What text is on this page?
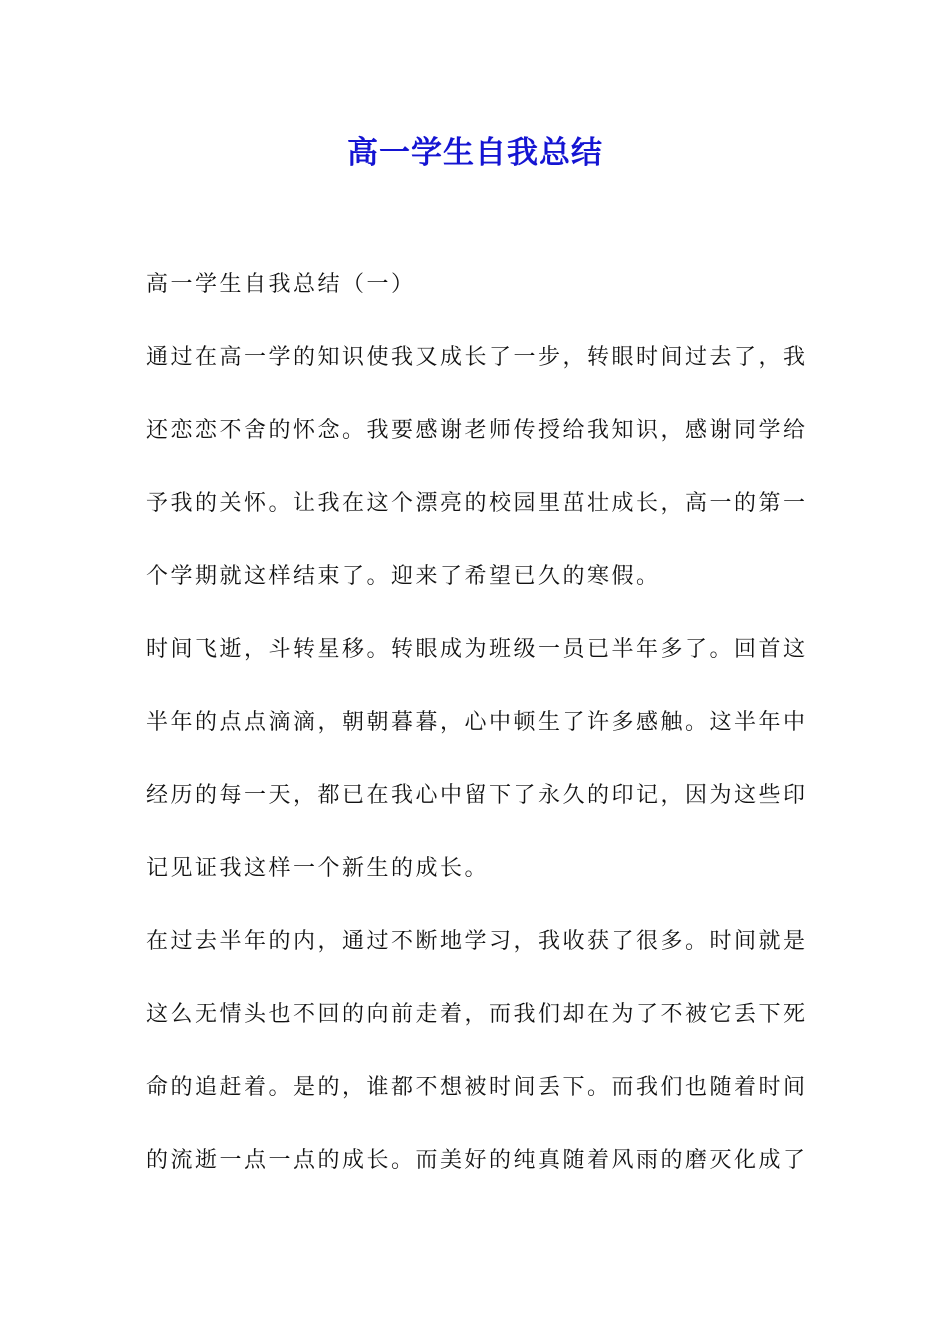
高一学生自我总结

高一学生自我总结（一）

通过在高一学的知识使我又成长了一步，转眼时间过去了，我

还恋恋不舍的怀念。我要感谢老师传授给我知识，感谢同学给

予我的关怀。让我在这个漂亮的校园里茁壮成长，高一的第一

个学期就这样结束了。迎来了希望已久的寒假。

时间飞逝，斗转星移。转眼成为班级一员已半年多了。回首这

半年的点点滴滴，朝朝暮暮，心中顿生了许多感触。这半年中

经历的每一天，都已在我心中留下了永久的印记，因为这些印

记见证我这样一个新生的成长。

在过去半年的内，通过不断地学习，我收获了很多。时间就是

这么无情头也不回的向前走着，而我们却在为了不被它丢下死

命的追赶着。是的，谁都不想被时间丢下。而我们也随着时间

的流逝一点一点的成长。而美好的纯真随着风雨的磨灭化成了
